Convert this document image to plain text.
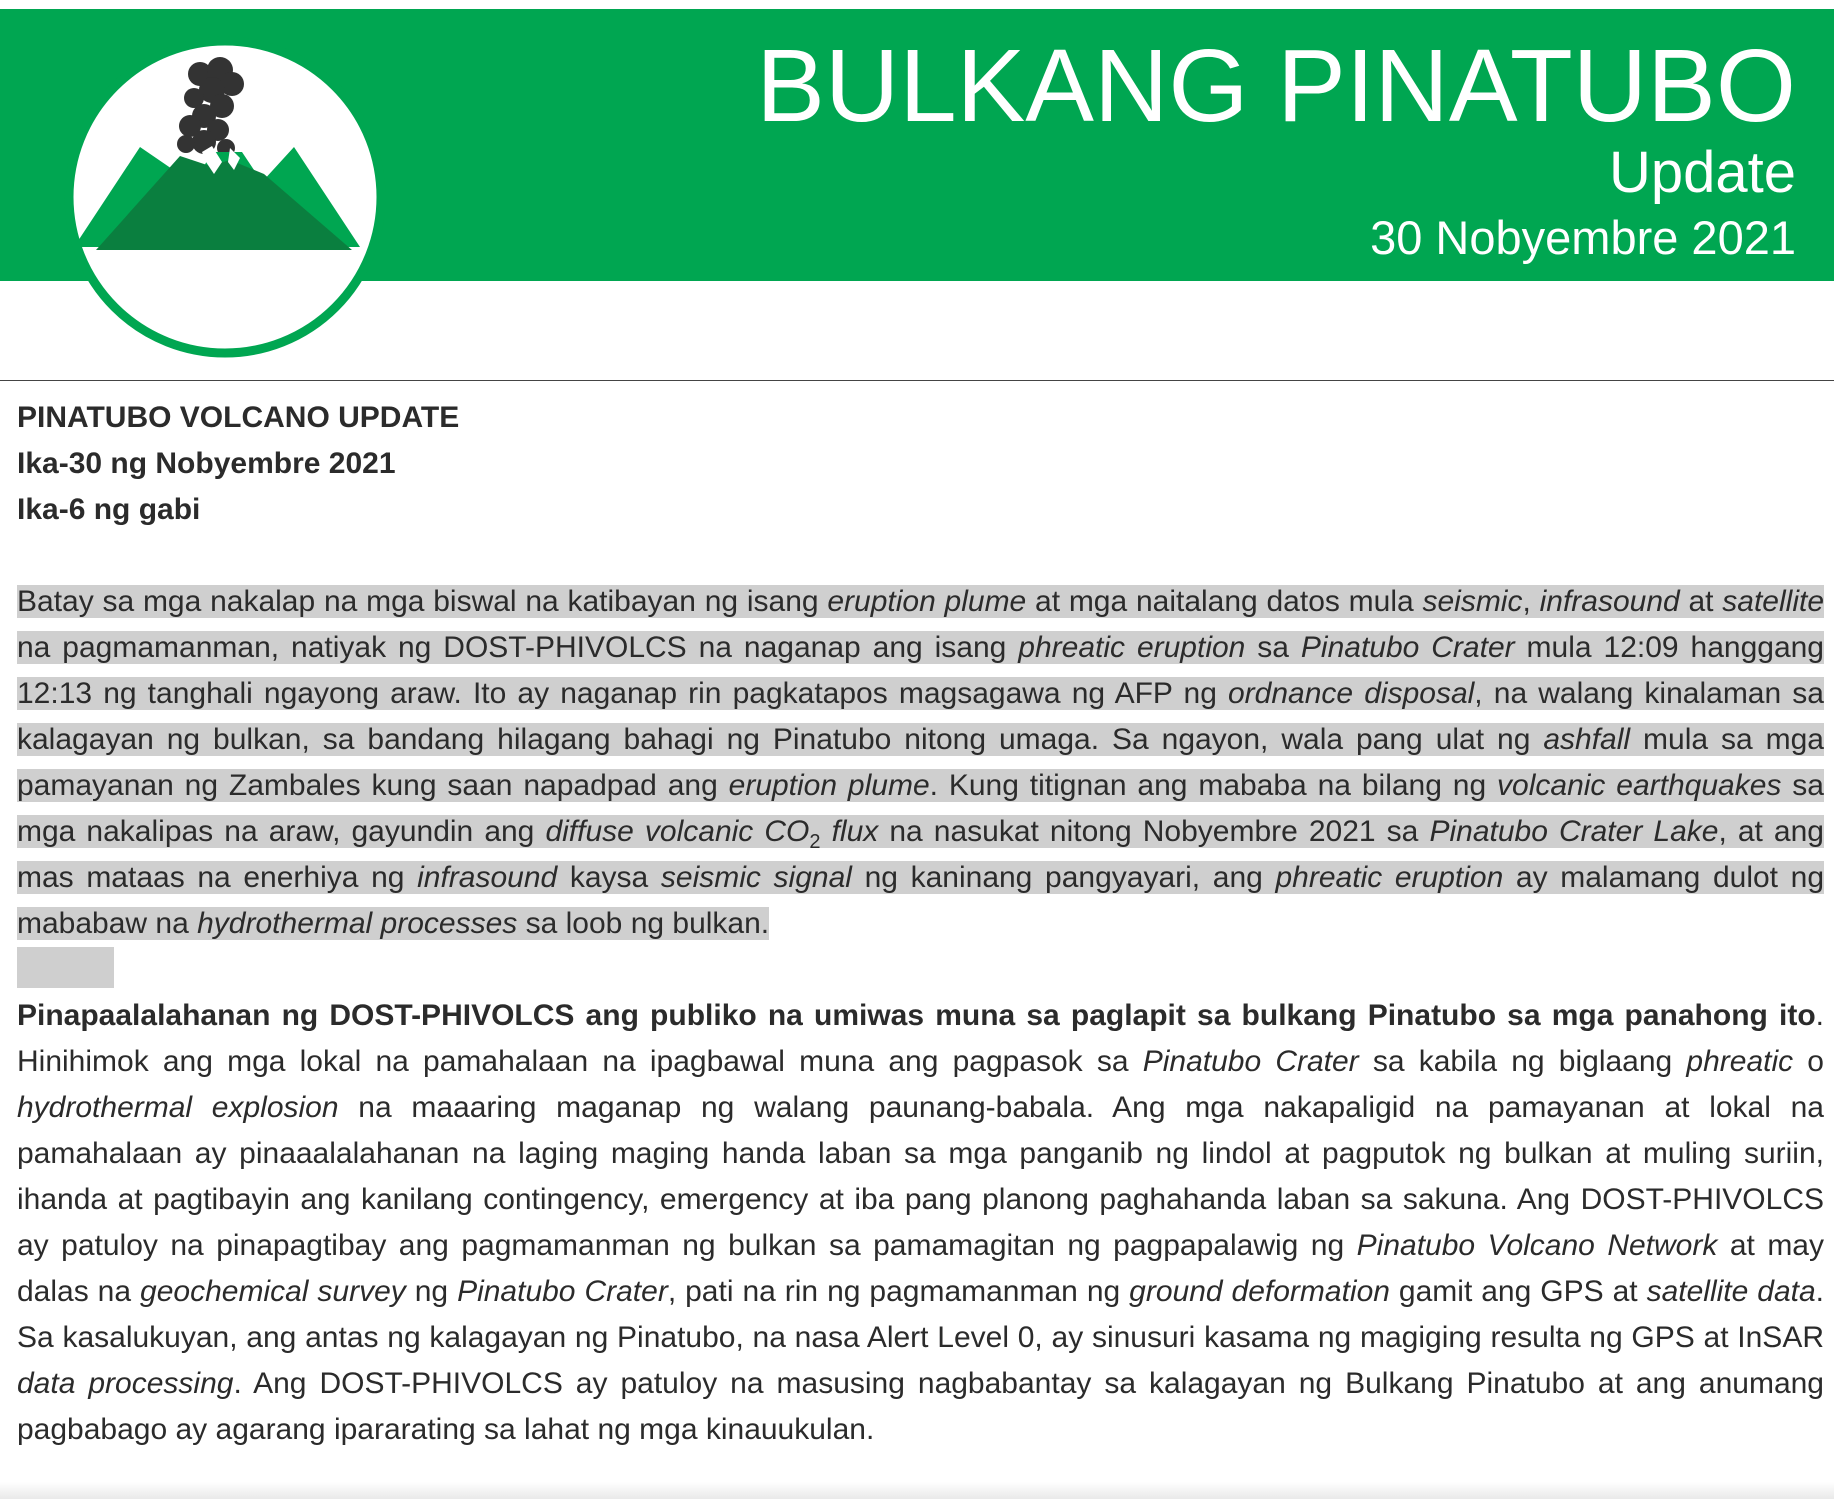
BULKANG PINATUBO
Update
30 Nobyembre 2021

PINATUBO VOLCANO UPDATE

Ika-30 ng Nobyembre 2021

Ika-6 ng gabi

Batay sa mga nakalap na mga biswal na katibayan ng isang eruption plume at mga naitalang datos mula seismic, infrasound at satellite na pagmamanman, natiyak ng DOST-PHIVOLCS na naganap ang isang phreatic eruption sa Pinatubo Crater mula 12:09 hanggang 12:13 ng tanghali ngayong araw. Ito ay naganap rin pagkatapos magsagawa ng AFP ng ordnance disposal, na walang kinalaman sa kalagayan ng bulkan, sa bandang hilagang bahagi ng Pinatubo nitong umaga. Sa ngayon, wala pang ulat ng ashfall mula sa mga pamayanan ng Zambales kung saan napadpad ang eruption plume. Kung titignan ang mababa na bilang ng volcanic earthquakes sa mga nakalipas na araw, gayundin ang diffuse volcanic $CO_2$ flux na nasukat nitong Nobyembre 2021 sa Pinatubo Crater Lake, at ang mas mataas na enerhiya ng infrasound kaysa seismic signal ng kaninang pangyayari, ang phreatic eruption ay malamang dulot ng mababaw na hydrothermal processes sa loob ng bulkan.

Pinapaalalahanan ng DOST-PHIVOLCS ang publiko na umiwas muna sa paglapit sa bulkang Pinatubo sa mga panahong ito. Hinihimok ang mga lokal na pamahalaan na ipagbawal muna ang pagpasok sa Pinatubo Crater sa kabila ng biglaang phreatic o hydrothermal explosion na maaaring maganap ng walang paunang-babala. Ang mga nakapaligid na pamayanan at lokal na pamahalaan ay pinaaalalahanan na laging maging handa laban sa mga panganib ng lindol at pagputok ng bulkan at muling suriin, ihanda at pagtibayin ang kanilang contingency, emergency at iba pang planong paghahanda laban sa sakuna. Ang DOST-PHIVOLCS ay patuloy na pinapagtibay ang pagmamanman ng bulkan sa pamamagitan ng pagpapalawig ng Pinatubo Volcano Network at may dalas na geochemical survey ng Pinatubo Crater, pati na rin ng pagmamanman ng ground deformation gamit ang GPS at satellite data. Sa kasalukuyan, ang antas ng kalagayan ng Pinatubo, na nasa Alert Level 0, ay sinusuri kasama ng magiging resulta ng GPS at InSAR data processing. Ang DOST-PHIVOLCS ay patuloy na masusing nagbabantay sa kalagayan ng Bulkang Pinatubo at ang anumang pagbabago ay agarang ipararating sa lahat ng mga kinauukulan.
